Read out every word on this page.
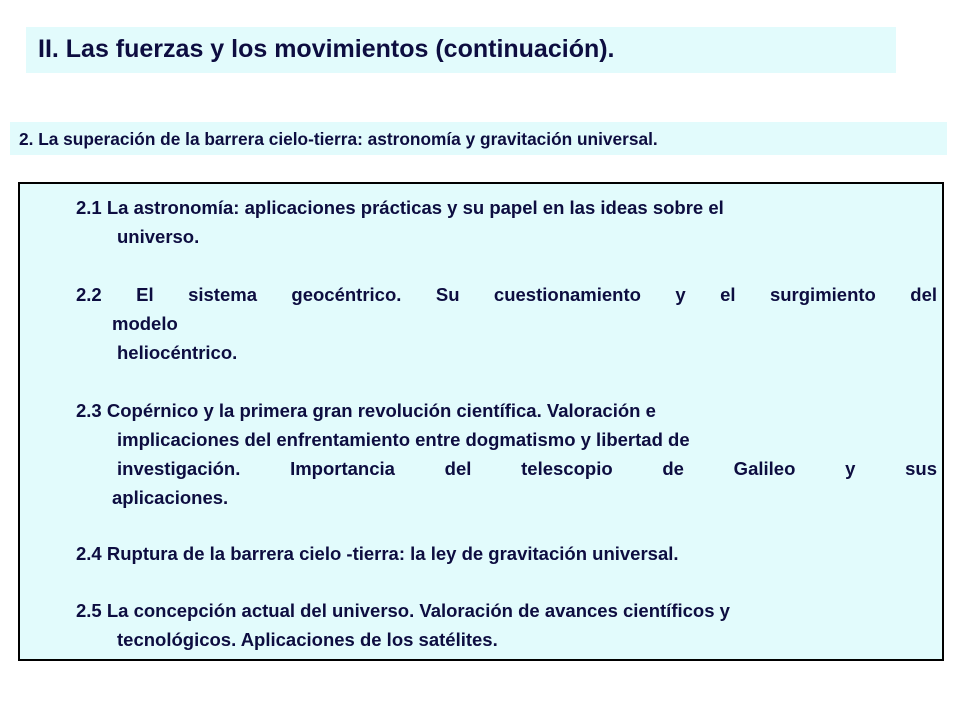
II. Las fuerzas y los movimientos (continuación).
2. La superación de la barrera cielo-tierra: astronomía y gravitación universal.
2.1 La astronomía: aplicaciones prácticas y su papel en las ideas sobre el
universo.
2.2 El sistema geocéntrico. Su cuestionamiento y el surgimiento del
modelo
heliocéntrico.
2.3 Copérnico y la primera gran revolución científica. Valoración e
implicaciones del enfrentamiento entre dogmatismo y libertad de
investigación. Importancia del telescopio de Galileo y sus
aplicaciones.
2.4 Ruptura de la barrera cielo -tierra: la ley de gravitación universal.
2.5 La concepción actual del universo. Valoración de avances científicos y
tecnológicos. Aplicaciones de los satélites.
